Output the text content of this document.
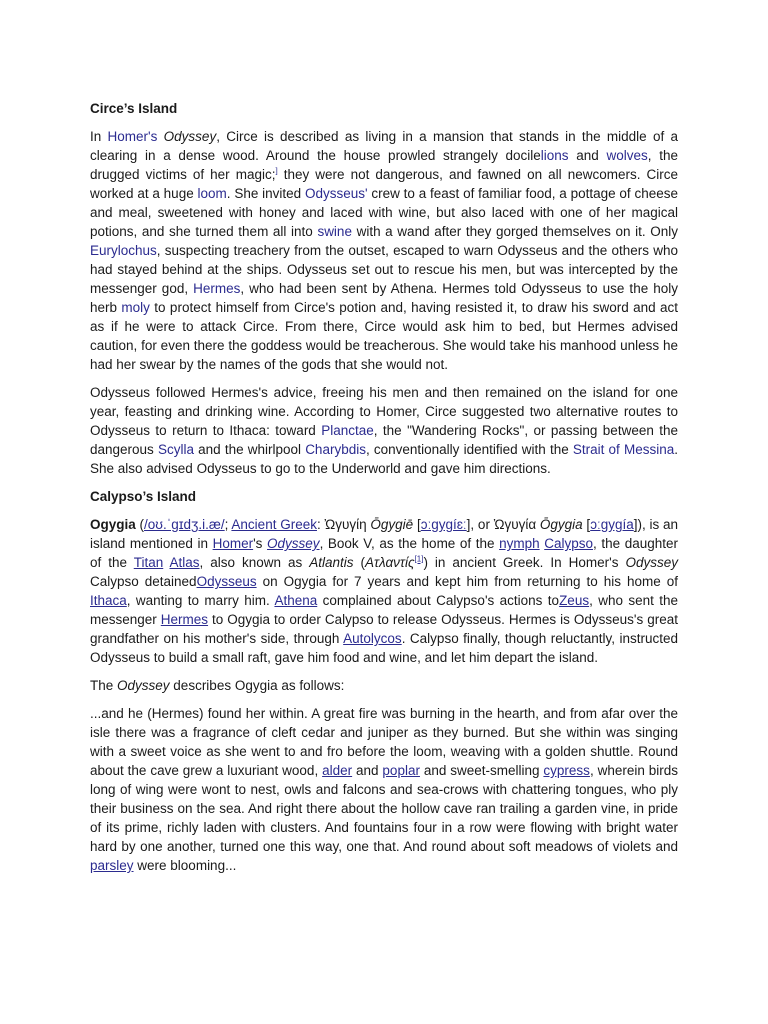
Circe’s Island

In Homer's Odyssey, Circe is described as living in a mansion that stands in the middle of a clearing in a dense wood. Around the house prowled strangely docilelions and wolves, the drugged victims of her magic;] they were not dangerous, and fawned on all newcomers. Circe worked at a huge loom. She invited Odysseus' crew to a feast of familiar food, a pottage of cheese and meal, sweetened with honey and laced with wine, but also laced with one of her magical potions, and she turned them all into swine with a wand after they gorged themselves on it. Only Eurylochus, suspecting treachery from the outset, escaped to warn Odysseus and the others who had stayed behind at the ships. Odysseus set out to rescue his men, but was intercepted by the messenger god, Hermes, who had been sent by Athena. Hermes told Odysseus to use the holy herb moly to protect himself from Circe's potion and, having resisted it, to draw his sword and act as if he were to attack Circe. From there, Circe would ask him to bed, but Hermes advised caution, for even there the goddess would be treacherous. She would take his manhood unless he had her swear by the names of the gods that she would not.

Odysseus followed Hermes's advice, freeing his men and then remained on the island for one year, feasting and drinking wine. According to Homer, Circe suggested two alternative routes to Odysseus to return to Ithaca: toward Planctae, the "Wandering Rocks", or passing between the dangerous Scylla and the whirlpool Charybdis, conventionally identified with the Strait of Messina. She also advised Odysseus to go to the Underworld and gave him directions.

Calypso’s Island

Ogygia (/oʊ.ˈɡɪdʒ.i.æ/; Ancient Greek: Ὠγυγίη Ōgygiē [ɔːɡyɡíɛː], or Ὠγυγία Ōgygia [ɔːɡyɡía]), is an island mentioned in Homer's Odyssey, Book V, as the home of the nymph Calypso, the daughter of the Titan Atlas, also known as Atlantis (Ατλαντίς[1]) in ancient Greek. In Homer's Odyssey Calypso detainedOdysseus on Ogygia for 7 years and kept him from returning to his home of Ithaca, wanting to marry him. Athena complained about Calypso's actions toZeus, who sent the messenger Hermes to Ogygia to order Calypso to release Odysseus. Hermes is Odysseus's great grandfather on his mother's side, through Autolycos. Calypso finally, though reluctantly, instructed Odysseus to build a small raft, gave him food and wine, and let him depart the island.

The Odyssey describes Ogygia as follows:

...and he (Hermes) found her within. A great fire was burning in the hearth, and from afar over the isle there was a fragrance of cleft cedar and juniper as they burned. But she within was singing with a sweet voice as she went to and fro before the loom, weaving with a golden shuttle. Round about the cave grew a luxuriant wood, alder and poplar and sweet-smelling cypress, wherein birds long of wing were wont to nest, owls and falcons and sea-crows with chattering tongues, who ply their business on the sea. And right there about the hollow cave ran trailing a garden vine, in pride of its prime, richly laden with clusters. And fountains four in a row were flowing with bright water hard by one another, turned one this way, one that. And round about soft meadows of violets and parsley were blooming...
